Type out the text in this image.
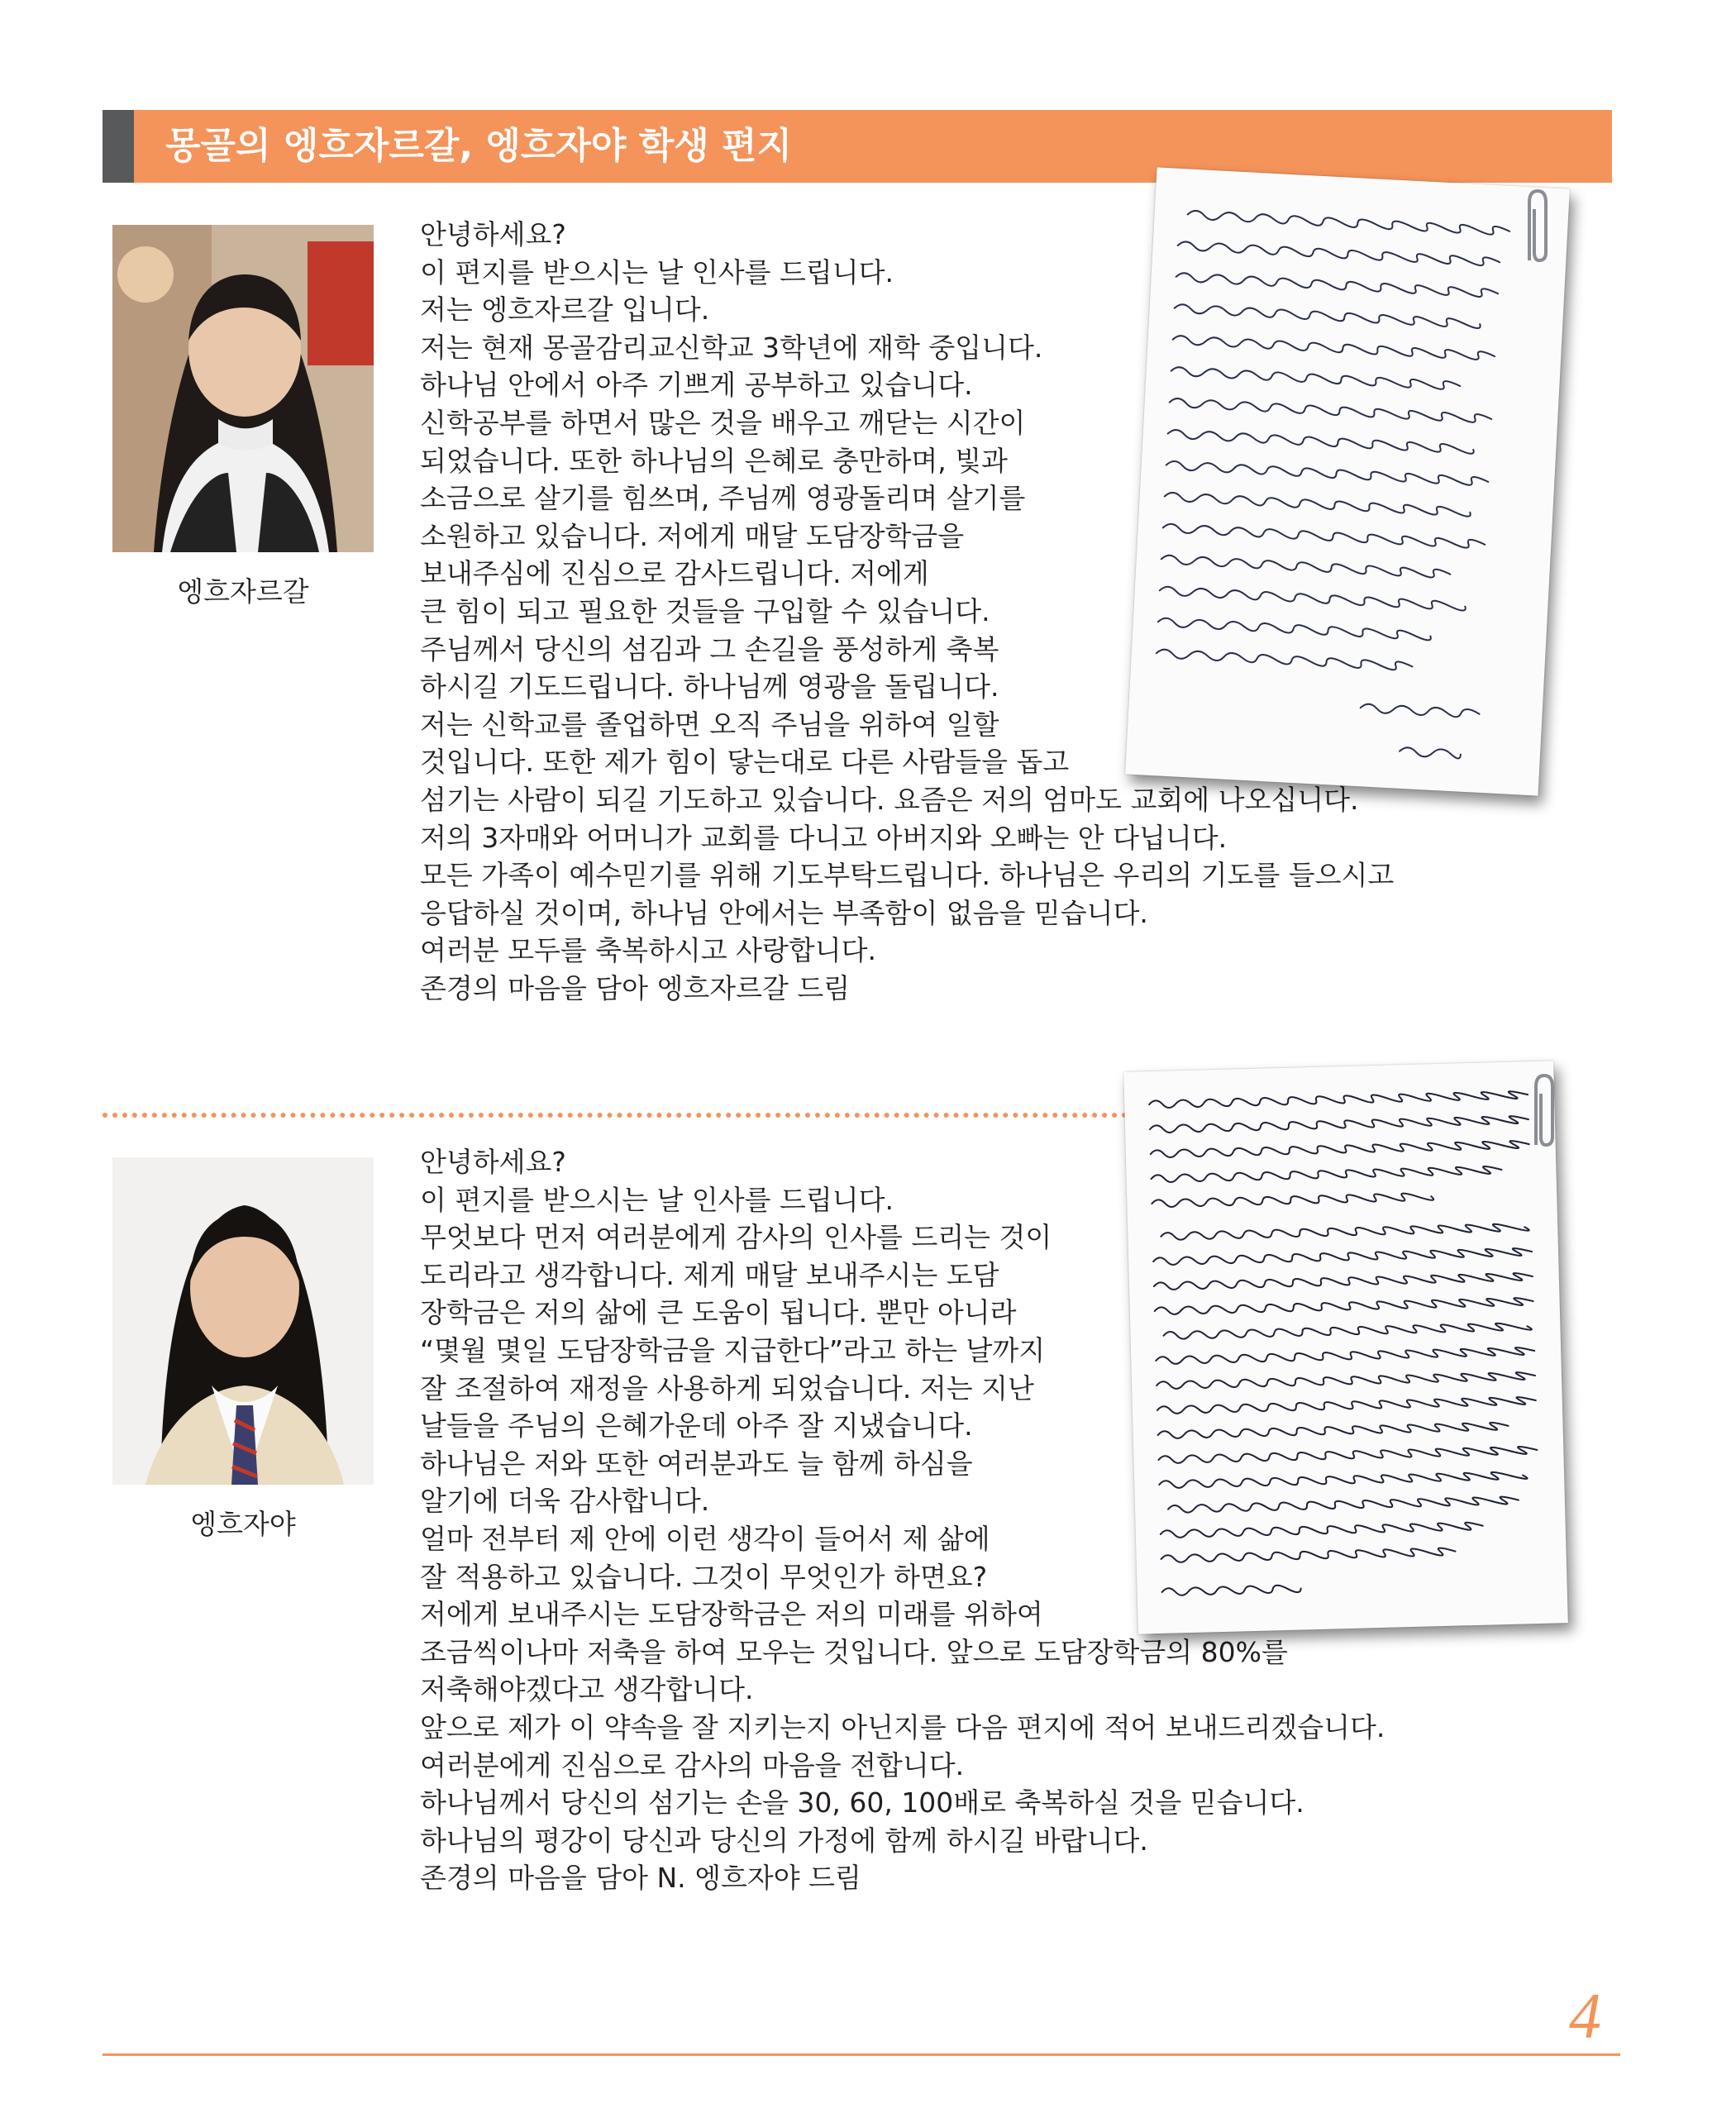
몽골의 엥흐자르갈, 엥흐자야 학생 편지
엥흐자르갈
안녕하세요?
이 편지를 받으시는 날 인사를 드립니다.
저는 엥흐자르갈 입니다.
저는 현재 몽골감리교신학교 3학년에 재학 중입니다.
하나님 안에서 아주 기쁘게 공부하고 있습니다.
신학공부를 하면서 많은 것을 배우고 깨닫는 시간이
되었습니다. 또한 하나님의 은혜로 충만하며, 빛과
소금으로 살기를 힘쓰며, 주님께 영광돌리며 살기를
소원하고 있습니다. 저에게 매달 도담장학금을
보내주심에 진심으로 감사드립니다. 저에게
큰 힘이 되고 필요한 것들을 구입할 수 있습니다.
주님께서 당신의 섬김과 그 손길을 풍성하게 축복
하시길 기도드립니다. 하나님께 영광을 돌립니다.
저는 신학교를 졸업하면 오직 주님을 위하여 일할
것입니다. 또한 제가 힘이 닿는대로 다른 사람들을 돕고
섬기는 사람이 되길 기도하고 있습니다. 요즘은 저의 엄마도 교회에 나오십니다.
저의 3자매와 어머니가 교회를 다니고 아버지와 오빠는 안 다닙니다.
모든 가족이 예수믿기를 위해 기도부탁드립니다. 하나님은 우리의 기도를 들으시고
응답하실 것이며, 하나님 안에서는 부족함이 없음을 믿습니다.
여러분 모두를 축복하시고 사랑합니다.
존경의 마음을 담아 엥흐자르갈 드림
엥흐자야
안녕하세요?
이 편지를 받으시는 날 인사를 드립니다.
무엇보다 먼저 여러분에게 감사의 인사를 드리는 것이
도리라고 생각합니다. 제게 매달 보내주시는 도담
장학금은 저의 삶에 큰 도움이 됩니다. 뿐만 아니라
“몇월 몇일 도담장학금을 지급한다”라고 하는 날까지
잘 조절하여 재정을 사용하게 되었습니다. 저는 지난
날들을 주님의 은혜가운데 아주 잘 지냈습니다.
하나님은 저와 또한 여러분과도 늘 함께 하심을
알기에 더욱 감사합니다.
얼마 전부터 제 안에 이런 생각이 들어서 제 삶에
잘 적용하고 있습니다. 그것이 무엇인가 하면요?
저에게 보내주시는 도담장학금은 저의 미래를 위하여
조금씩이나마 저축을 하여 모우는 것입니다. 앞으로 도담장학금의 80%를
저축해야겠다고 생각합니다.
앞으로 제가 이 약속을 잘 지키는지 아닌지를 다음 편지에 적어 보내드리겠습니다.
여러분에게 진심으로 감사의 마음을 전합니다.
하나님께서 당신의 섬기는 손을 30, 60, 100배로 축복하실 것을 믿습니다.
하나님의 평강이 당신과 당신의 가정에 함께 하시길 바랍니다.
존경의 마음을 담아 N. 엥흐자야 드림
4
